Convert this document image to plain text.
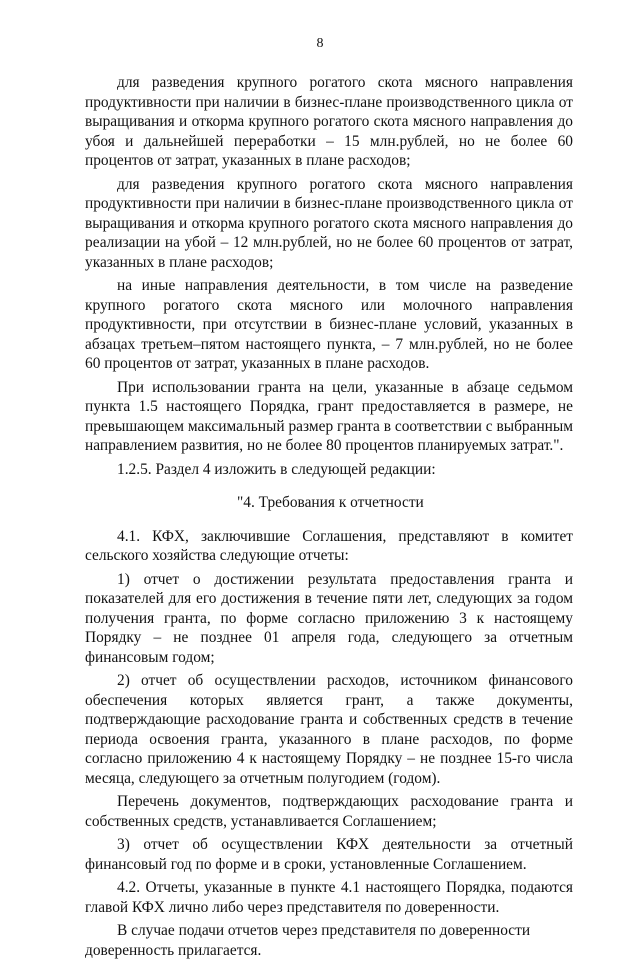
8

для разведения крупного рогатого скота мясного направления продуктивности при наличии в бизнес-плане производственного цикла от выращивания и откорма крупного рогатого скота мясного направления до убоя и дальнейшей переработки – 15 млн.рублей, но не более 60 процентов от затрат, указанных в плане расходов;

для разведения крупного рогатого скота мясного направления продуктивности при наличии в бизнес-плане производственного цикла от выращивания и откорма крупного рогатого скота мясного направления до реализации на убой – 12 млн.рублей, но не более 60 процентов от затрат, указанных в плане расходов;

на иные направления деятельности, в том числе на разведение крупного рогатого скота мясного или молочного направления продуктивности, при отсутствии в бизнес-плане условий, указанных в абзацах третьем–пятом настоящего пункта, – 7 млн.рублей, но не более 60 процентов от затрат, указанных в плане расходов.

При использовании гранта на цели, указанные в абзаце седьмом пункта 1.5 настоящего Порядка, грант предоставляется в размере, не превышающем максимальный размер гранта в соответствии с выбранным направлением развития, но не более 80 процентов планируемых затрат.".

1.2.5. Раздел 4 изложить в следующей редакции:

"4. Требования к отчетности

4.1. КФХ, заключившие Соглашения, представляют в комитет сельского хозяйства следующие отчеты:

1) отчет о достижении результата предоставления гранта и показателей для его достижения в течение пяти лет, следующих за годом получения гранта, по форме согласно приложению 3 к настоящему Порядку – не позднее 01 апреля года, следующего за отчетным финансовым годом;

2) отчет об осуществлении расходов, источником финансового обеспечения которых является грант, а также документы, подтверждающие расходование гранта и собственных средств в течение периода освоения гранта, указанного в плане расходов, по форме согласно приложению 4 к настоящему Порядку – не позднее 15-го числа месяца, следующего за отчетным полугодием (годом).

Перечень документов, подтверждающих расходование гранта и собственных средств, устанавливается Соглашением;

3) отчет об осуществлении КФХ деятельности за отчетный финансовый год по форме и в сроки, установленные Соглашением.

4.2. Отчеты, указанные в пункте 4.1 настоящего Порядка, подаются главой КФХ лично либо через представителя по доверенности.

В случае подачи отчетов через представителя по доверенности доверенность прилагается.
